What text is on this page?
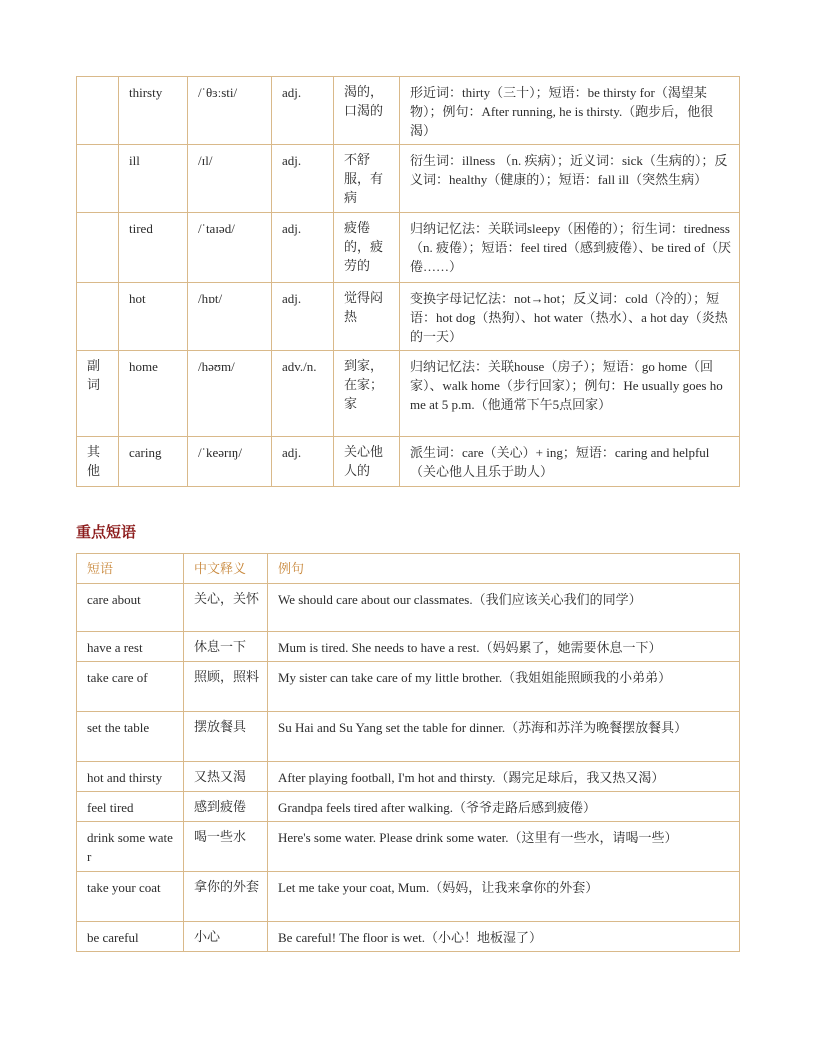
	thirsty	/ˈθɜːsti/	adj.	渴的，口渴的	形近词：thirty（三十）；短语：be thirsty for（渴望某物）；例句：After running, he is thirsty.（跑步后，他很渴）
	ill	/ɪl/	adj.	不舒服，有病	衍生词：illness （n. 疾病）；近义词：sick（生病的）；反义词：healthy（健康的）；短语：fall ill（突然生病）
	tired	/ˈtaɪəd/	adj.	疲倦的，疲劳的	归纳记忆法：关联词sleepy（困倦的）；衍生词：tiredness（n. 疲倦）；短语：feel tired（感到疲倦）、be tired of（厌倦……）
	hot	/hɒt/	adj.	觉得闷热	变换字母记忆法：not→hot；反义词：cold（冷的）；短语：hot dog（热狗）、hot water（热水）、a hot day（炎热的一天）
副词	home	/həʊm/	adv./n.	到家，在家；家	归纳记忆法：关联house（房子）；短语：go home（回家）、walk home（步行回家）；例句：He usually goes home at 5 p.m.（他通常下午5点回家）
其他	caring	/ˈkeərɪŋ/	adj.	关心他人的	派生词：care（关心）+ ing；短语：caring and helpful（关心他人且乐于助人）
重点短语
短语	中文释义	例句
care about	关心，关怀	We should care about our classmates.（我们应该关心我们的同学）
have a rest	休息一下	Mum is tired. She needs to have a rest.（妈妈累了，她需要休息一下）
take care of	照顾，照料	My sister can take care of my little brother.（我姐姐能照顾我的小弟弟）
set the table	摆放餐具	Su Hai and Su Yang set the table for dinner.（苏海和苏洋为晚餐摆放餐具）
hot and thirsty	又热又渴	After playing football, I'm hot and thirsty.（踢完足球后，我又热又渴）
feel tired	感到疲倦	Grandpa feels tired after walking.（爷爷走路后感到疲倦）
drink some water	喝一些水	Here's some water. Please drink some water.（这里有一些水，请喝一些）
take your coat	拿你的外套	Let me take your coat, Mum.（妈妈，让我来拿你的外套）
be careful	小心	Be careful! The floor is wet.（小心！地板湿了）
